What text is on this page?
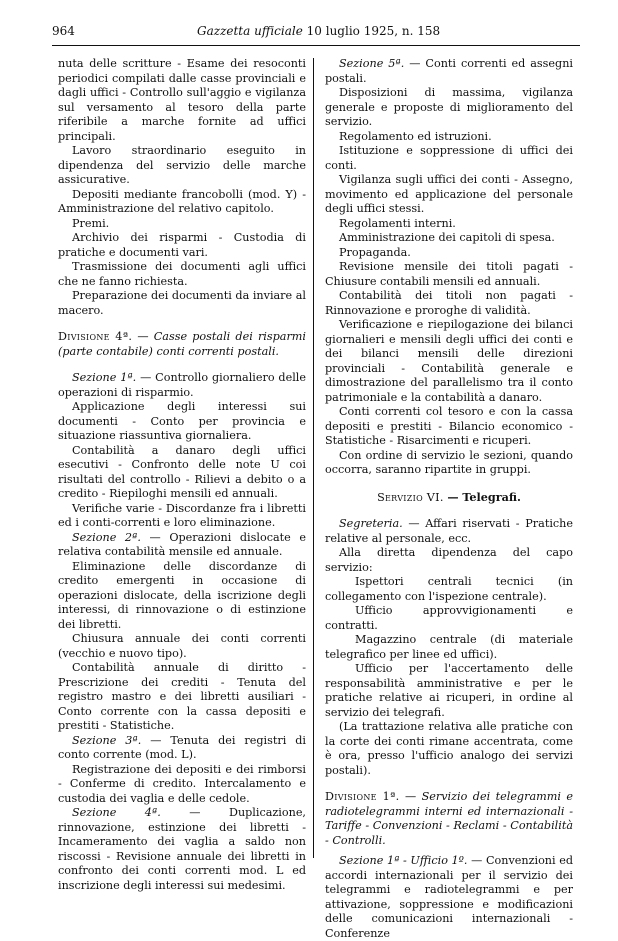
964	Gazzetta ufficiale 10 luglio 1925, n. 158

nuta delle scritture - Esame dei resoconti periodici compilati dalle casse provinciali e dagli uffici - Controllo sull'aggio e vigilanza sul versamento al tesoro della parte riferibile a marche fornite ad uffici principali.

Lavoro straordinario eseguito in dipendenza del servizio delle marche assicurative.

Depositi mediante francobolli (mod. Y) - Amministrazione del relativo capitolo.

Premi.

Archivio dei risparmi - Custodia di pratiche e documenti vari.

Trasmissione dei documenti agli uffici che ne fanno richiesta.

Preparazione dei documenti da inviare al macero.

Divisione 4ª. — Casse postali dei risparmi (parte contabile) conti correnti postali.

Sezione 1ª. — Controllo giornaliero delle operazioni di risparmio.

Applicazione degli interessi sui documenti - Conto per provincia e situazione riassuntiva giornaliera.

Contabilità a danaro degli uffici esecutivi - Confronto delle note U coi risultati del controllo - Rilievi a debito o a credito - Riepiloghi mensili ed annuali.

Verifiche varie - Discordanze fra i libretti ed i conti-correnti e loro eliminazione.

Sezione 2ª. — Operazioni dislocate e relativa contabilità mensile ed annuale.

Eliminazione delle discordanze di credito emergenti in occasione di operazioni dislocate, della iscrizione degli interessi, di rinnovazione o di estinzione dei libretti.

Chiusura annuale dei conti correnti (vecchio e nuovo tipo).

Contabilità annuale di diritto - Prescrizione dei crediti - Tenuta del registro mastro e dei libretti ausiliari - Conto corrente con la cassa depositi e prestiti - Statistiche.

Sezione 3ª. — Tenuta dei registri di conto corrente (mod. L).

Registrazione dei depositi e dei rimborsi - Conferme di credito. Intercalamento e custodia dei vaglia e delle cedole.

Sezione 4ª.	— Duplicazione, rinnovazione, estinzione dei libretti - Incameramento dei vaglia a saldo non riscossi - Revisione annuale dei libretti in confronto dei conti correnti mod. L ed inscrizione degli interessi sui medesimi.

Sezione 5ª. — Conti correnti ed assegni postali.

Disposizioni di massima, vigilanza generale e proposte di miglioramento del servizio.

Regolamento ed istruzioni.

Istituzione e soppressione di uffici dei conti.

Vigilanza sugli uffici dei conti - Assegno, movimento ed applicazione del personale degli uffici stessi.

Regolamenti interni.

Amministrazione dei capitoli di spesa.

Propaganda.

Revisione mensile dei titoli pagati - Chiusure contabili mensili ed annuali.

Contabilità dei titoli non pagati - Rinnovazione e proroghe di validità.

Verificazione e riepilogazione dei bilanci giornalieri e mensili degli uffici dei conti e dei bilanci mensili delle direzioni provinciali - Contabilità generale e dimostrazione del parallelismo tra il conto patrimoniale e la contabilità a danaro.

Conti correnti col tesoro e con la cassa depositi e prestiti - Bilancio economico - Statistiche - Risarcimenti e ricuperi.

Con ordine di servizio le sezioni, quando occorra, saranno ripartite in gruppi.

Servizio VI. — Telegrafi.

Segreteria. — Affari riservati - Pratiche relative al personale, ecc.

Alla diretta dipendenza del capo servizio:

Ispettori centrali tecnici (in collegamento con l'ispezione centrale).

Ufficio approvvigionamenti e contratti.

Magazzino centrale (di materiale telegrafico per linee ed uffici).

Ufficio per l'accertamento delle responsabilità amministrative e per le pratiche relative ai ricuperi, in ordine al servizio dei telegrafi.

(La trattazione relativa alle pratiche con la corte dei conti rimane accentrata, come è ora, presso l'ufficio analogo dei servizi postali).

Divisione 1ª. — Servizio dei telegrammi e radiotelegrammi interni ed internazionali - Tariffe - Convenzioni - Reclami - Contabilità - Controlli.

Sezione 1ª - Ufficio 1º. — Convenzioni ed accordi internazionali per il servizio dei telegrammi e radiotelegrammi e per attivazione, soppressione e modificazioni delle comunicazioni internazionali - Conferenze
